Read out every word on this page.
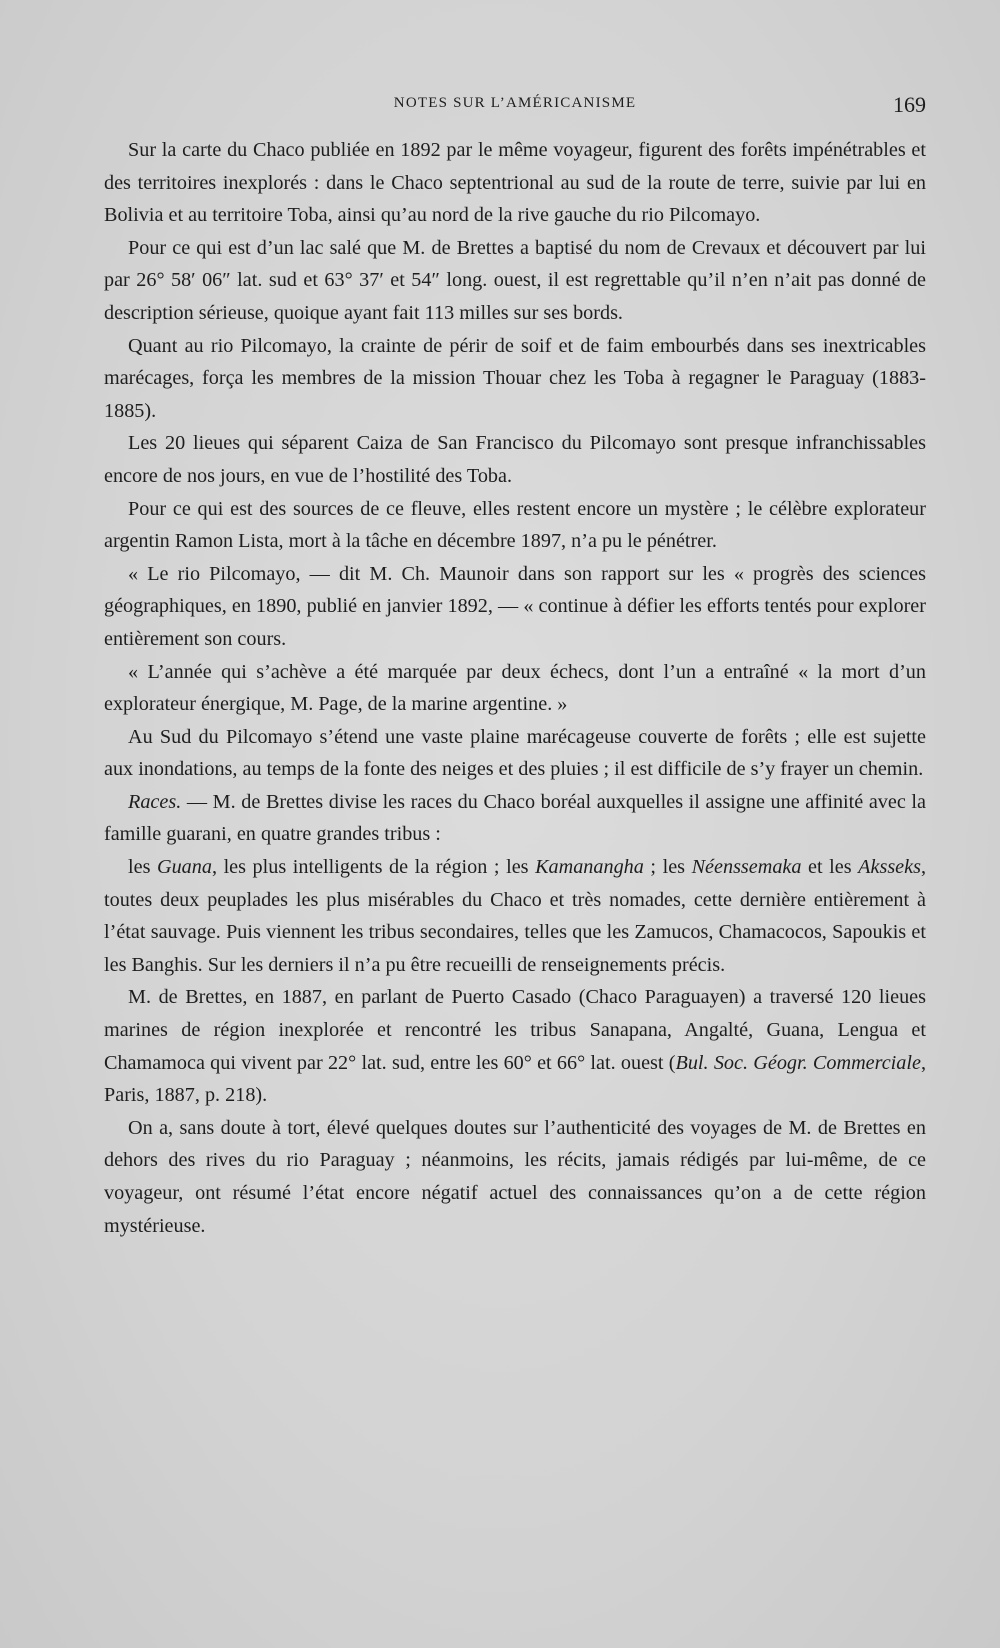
NOTES SUR L’AMÉRICANISME	169

Sur la carte du Chaco publiée en 1892 par le même voyageur, figurent des forêts impénétrables et des territoires inexplorés : dans le Chaco septentrional au sud de la route de terre, suivie par lui en Bolivia et au territoire Toba, ainsi qu’au nord de la rive gauche du rio Pilcomayo.

Pour ce qui est d’un lac salé que M. de Brettes a baptisé du nom de Crevaux et découvert par lui par 26° 58′ 06″ lat. sud et 63° 37′ et 54″ long. ouest, il est regrettable qu’il n’en n’ait pas donné de description sérieuse, quoique ayant fait 113 milles sur ses bords.

Quant au rio Pilcomayo, la crainte de périr de soif et de faim embourbés dans ses inextricables marécages, força les membres de la mission Thouar chez les Toba à regagner le Paraguay (1883-1885).

Les 20 lieues qui séparent Caiza de San Francisco du Pilcomayo sont presque infranchissables encore de nos jours, en vue de l’hostilité des Toba.

Pour ce qui est des sources de ce fleuve, elles restent encore un mystère ; le célèbre explorateur argentin Ramon Lista, mort à la tâche en décembre 1897, n’a pu le pénétrer.

« Le rio Pilcomayo, — dit M. Ch. Maunoir dans son rapport sur les « progrès des sciences géographiques, en 1890, publié en janvier 1892, — « continue à défier les efforts tentés pour explorer entièrement son cours.

« L’année qui s’achève a été marquée par deux échecs, dont l’un a entraîné « la mort d’un explorateur énergique, M. Page, de la marine argentine. »

Au Sud du Pilcomayo s’étend une vaste plaine marécageuse couverte de forêts ; elle est sujette aux inondations, au temps de la fonte des neiges et des pluies ; il est difficile de s’y frayer un chemin.

Races. — M. de Brettes divise les races du Chaco boréal auxquelles il assigne une affinité avec la famille guarani, en quatre grandes tribus :

les Guana, les plus intelligents de la région ; les Kamanangha ; les Néenssemaka et les Aksseks, toutes deux peuplades les plus misérables du Chaco et très nomades, cette dernière entièrement à l’état sauvage. Puis viennent les tribus secondaires, telles que les Zamucos, Chamacocos, Sapoukis et les Banghis. Sur les derniers il n’a pu être recueilli de renseignements précis.

M. de Brettes, en 1887, en parlant de Puerto Casado (Chaco Paraguayen) a traversé 120 lieues marines de région inexplorée et rencontré les tribus Sanapana, Angalté, Guana, Lengua et Chamamoca qui vivent par 22° lat. sud, entre les 60° et 66° lat. ouest (Bul. Soc. Géogr. Commerciale, Paris, 1887, p. 218).

On a, sans doute à tort, élevé quelques doutes sur l’authenticité des voyages de M. de Brettes en dehors des rives du rio Paraguay ; néanmoins, les récits, jamais rédigés par lui-même, de ce voyageur, ont résumé l’état encore négatif actuel des connaissances qu’on a de cette région mystérieuse.
